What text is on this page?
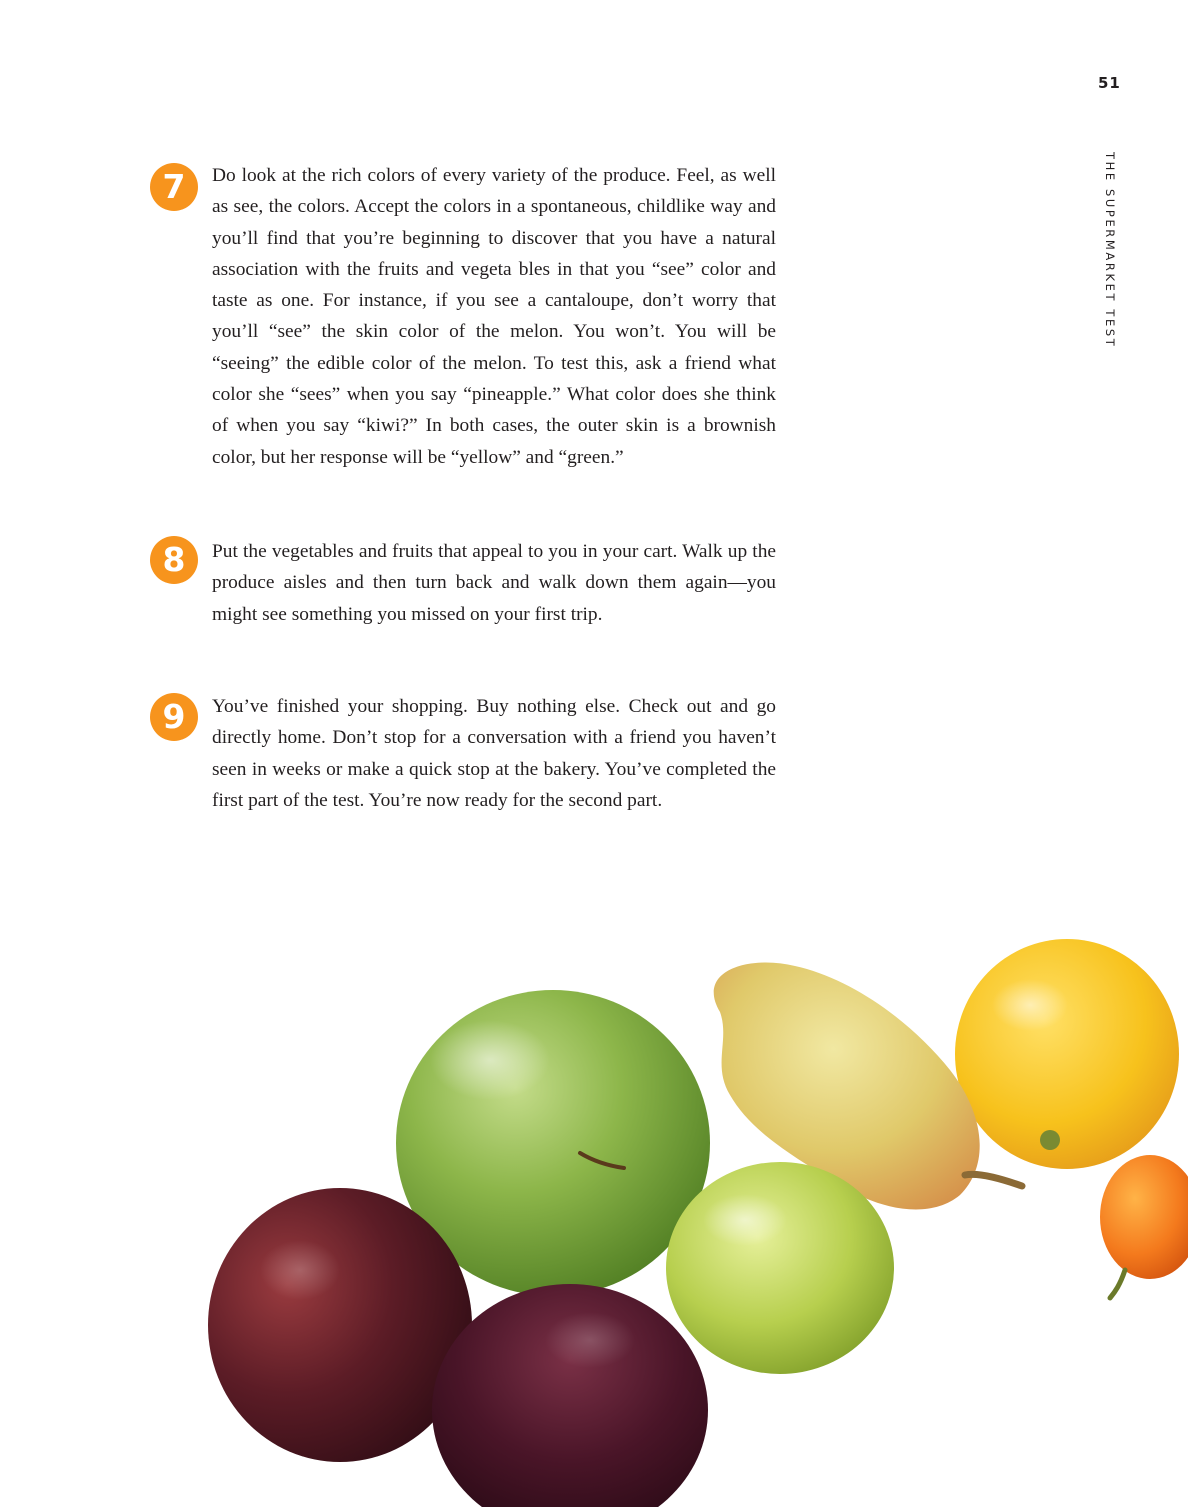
51
THE SUPERMARKET TEST
7	Do look at the rich colors of every variety of the produce. Feel, as well as see, the colors. Accept the colors in a spontaneous, childlike way and you’ll find that you’re beginning to discover that you have a natural association with the fruits and vegeta bles in that you “see” color and taste as one. For instance, if you see a cantaloupe, don’t worry that you’ll “see” the skin color of the melon. You won’t. You will be “seeing” the edible color of the melon. To test this, ask a friend what color she “sees” when you say “pineapple.” What color does she think of when you say “kiwi?” In both cases, the outer skin is a brownish color, but her response will be “yellow” and “green.”

8	Put the vegetables and fruits that appeal to you in your cart. Walk up the produce aisles and then turn back and walk down them again—you might see something you missed on your first trip.

9	You’ve finished your shopping. Buy nothing else. Check out and go directly home. Don’t stop for a conversation with a friend you haven’t seen in weeks or make a quick stop at the bakery. You’ve completed the first part of the test. You’re now ready for the second part.
